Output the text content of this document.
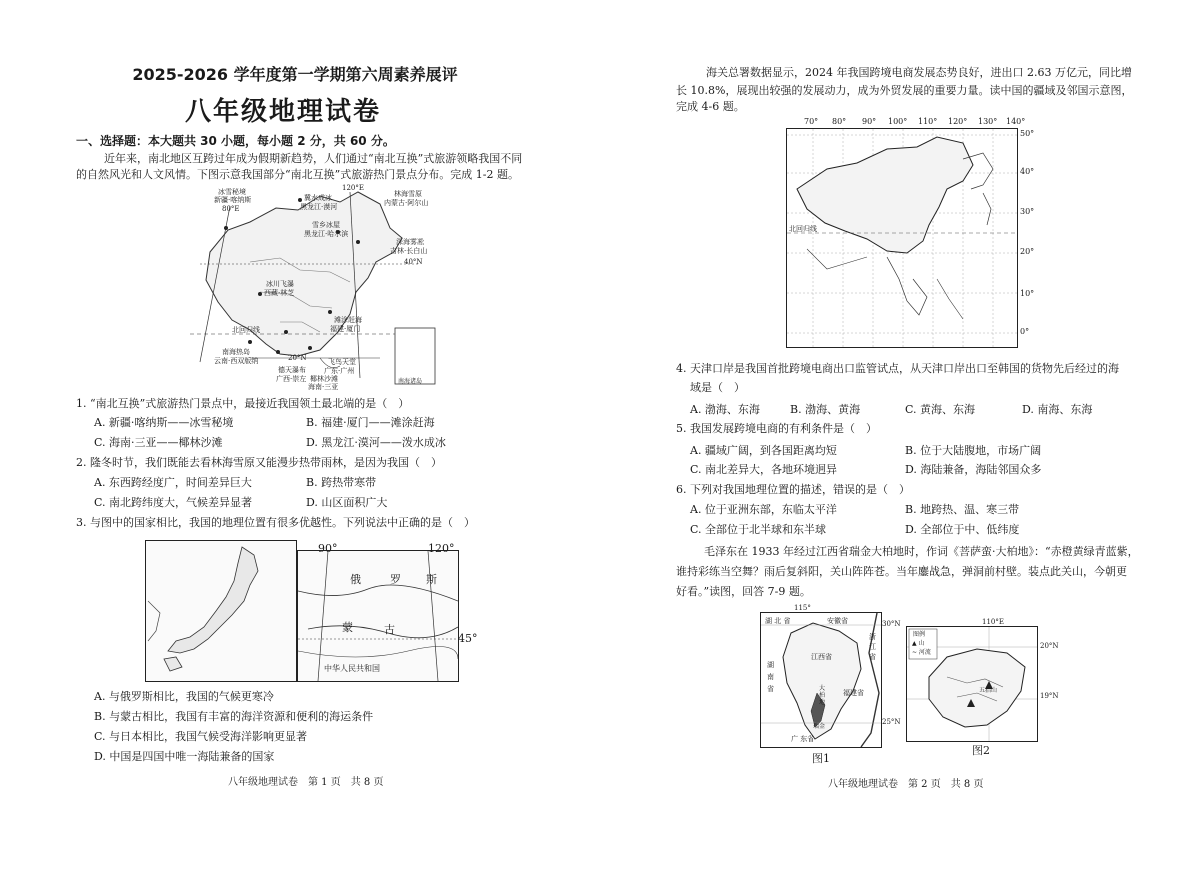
2025-2026 学年度第一学期第六周素养展评
八年级地理试卷
一、选择题：本大题共 30 小题，每小题 2 分，共 60 分。
近年来，南北地区互跨过年成为假期新趋势，人们通过“南北互换”式旅游领略我国不同
的自然风光和人文风情。下图示意我国部分“南北互换”式旅游热门景点分布。完成 1-2 题。
冰雪秘境
新疆·喀纳斯
80°E
120°E
林海雪原
冀水成冰
黑龙江·漠河	内蒙古·阿尔山
雪乡冰屋
黑龙江·哈尔滨
深海雾凇
吉林·长白山
40°N
冰川飞瀑
西藏·林芝
滩涂赶海
福建·厦门
北回归线
南海热岛
云南·西双版纳	20°N
德天瀑布
广西·崇左
飞鸟天堂
广东·广州
椰林沙滩
海南·三亚
南海诸岛
1. “南北互换”式旅游热门景点中，最接近我国领土最北端的是（　）
A. 新疆·喀纳斯——冰雪秘境	B. 福建·厦门——滩涂赶海
C. 海南·三亚——椰林沙滩	D. 黑龙江·漠河——泼水成冰
2. 隆冬时节，我们既能去看林海雪原又能漫步热带雨林，是因为我国（　）
A. 东西跨经度广，时间差异巨大	B. 跨热带寒带
C. 南北跨纬度大，气候差异显著	D. 山区面积广大
3. 与图中的国家相比，我国的地理位置有很多优越性。下列说法中正确的是（　）
俄	罗 斯
蒙	古
中华人民共和国
90°	120°
45°
A. 与俄罗斯相比，我国的气候更寒冷
B. 与蒙古相比，我国有丰富的海洋资源和便利的海运条件
C. 与日本相比，我国气候受海洋影响更显著
D. 中国是四国中唯一海陆兼备的国家
八年级地理试卷　第 1 页　共 8 页
海关总署数据显示，2024 年我国跨境电商发展态势良好，进出口 2.63 万亿元，同比增
长 10.8%，展现出较强的发展动力，成为外贸发展的重要力量。读中国的疆域及邻国示意图，
完成 4-6 题。
北回归线
70° 80° 90° 100° 110° 120° 130° 140°
50°
40°
30°
20°
10°
0°
4. 天津口岸是我国首批跨境电商出口监管试点，从天津口岸出口至韩国的货物先后经过的海
域是（　）
A. 渤海、东海	B. 渤海、黄海	C. 黄海、东海	D. 南海、东海
5. 我国发展跨境电商的有利条件是（　）
A. 疆域广阔，到各国距离均短	B. 位于大陆腹地，市场广阔
C. 南北差异大，各地环境迥异	D. 海陆兼备，海陆邻国众多
6. 下列对我国地理位置的描述，错误的是（　）
A. 位于亚洲东部，东临太平洋	B. 地跨热、温、寒三带
C. 全部位于北半球和东半球	D. 全部位于中、低纬度
毛泽东在 1933 年经过江西省瑞金大柏地时，作词《菩萨蛮·大柏地》：“赤橙黄绿青蓝紫，
谁持彩练当空舞？雨后复斜阳，关山阵阵苍。当年鏖战急，弹洞前村壁。装点此关山，今朝更
好看。”读图，回答 7-9 题。
湖 北 省	安徽省
浙
江
省
江西省
湖
南
省	福建省
大
柏
地
瑞金
广 东省
115°
30°N
25°N
图1
图例
▲ 山
~ 河流
五指山
110°E
20°N
19°N
图2
八年级地理试卷　第 2 页　共 8 页
